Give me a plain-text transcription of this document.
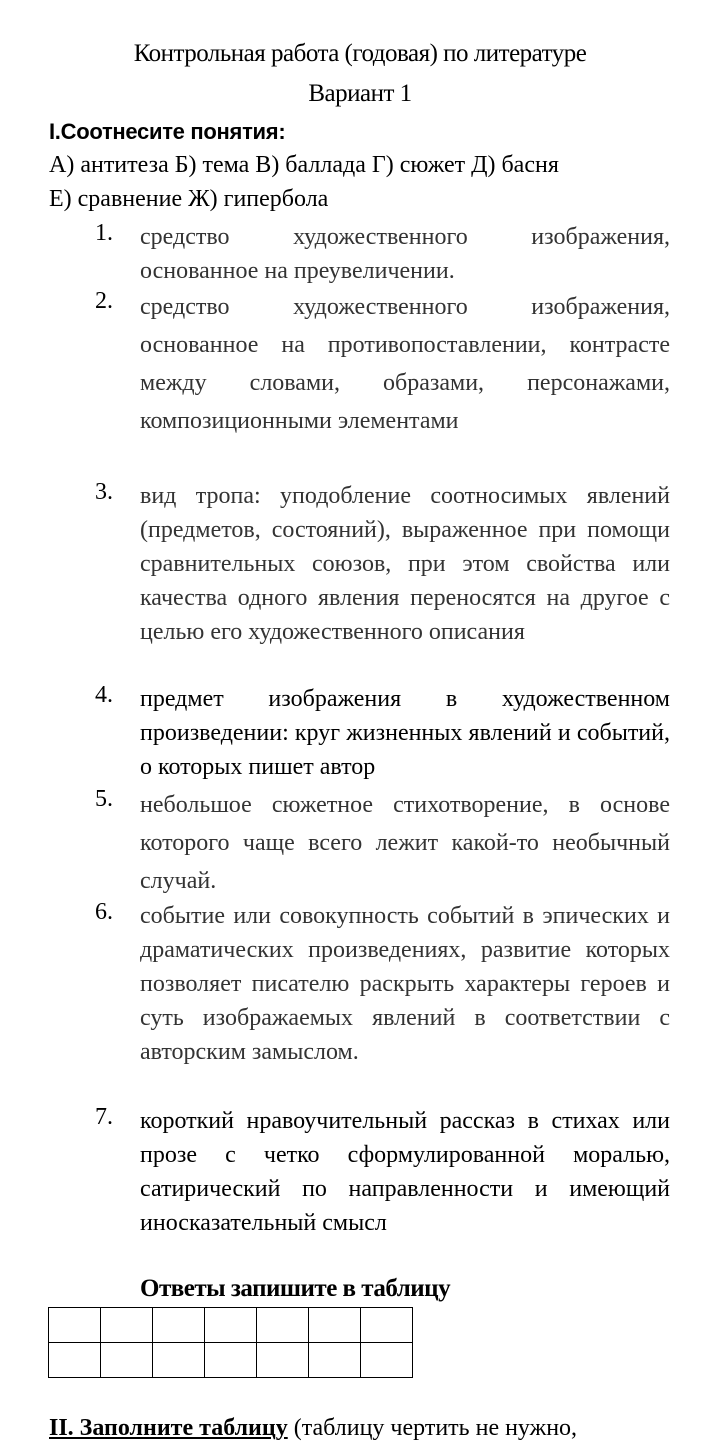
Контрольная работа (годовая) по литературе
Вариант 1
I.Соотнесите понятия:
А) антитеза Б) тема В) баллада Г) сюжет Д) басня
Е) сравнение Ж) гипербола
1. средство художественного изображения, основанное на преувеличении.
2. средство художественного изображения, основанное на противопоставлении, контрасте между словами, образами, персонажами, композиционными элементами
3. вид тропа: уподобление соотносимых явлений (предметов, состояний), выраженное при помощи сравнительных союзов, при этом свойства или качества одного явления переносятся на другое с целью его художественного описания
4. предмет изображения в художественном произведении: круг жизненных явлений и событий, о которых пишет автор
5. небольшое сюжетное стихотворение, в основе которого чаще всего лежит какой-то необычный случай.
6. событие или совокупность событий в эпических и драматических произведениях, развитие которых позволяет писателю раскрыть характеры героев и суть изображаемых явлений в соответствии с авторским замыслом.
7. короткий нравоучительный рассказ в стихах или прозе с четко сформулированной моралью, сатирический по направленности и имеющий иносказательный смысл
Ответы запишите в таблицу

II. Заполните таблицу (таблицу чертить не нужно,
